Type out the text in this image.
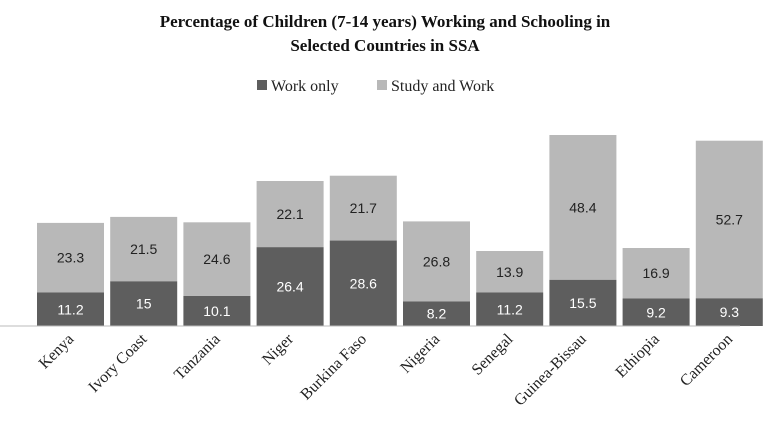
Percentage of Children (7-14 years) Working and Schooling in
Selected Countries in SSA
Work only	Study and Work
11.2
23.3
15
21.5
10.1
24.6
26.4
22.1
28.6
21.7
8.2
26.8
11.2
13.9
15.5
48.4
9.2
16.9
9.3
52.7
Kenya Ivory Coast Tanzania Niger Burkina Faso Nigeria Senegal
Guinea-Bissau Ethiopia Cameroon
